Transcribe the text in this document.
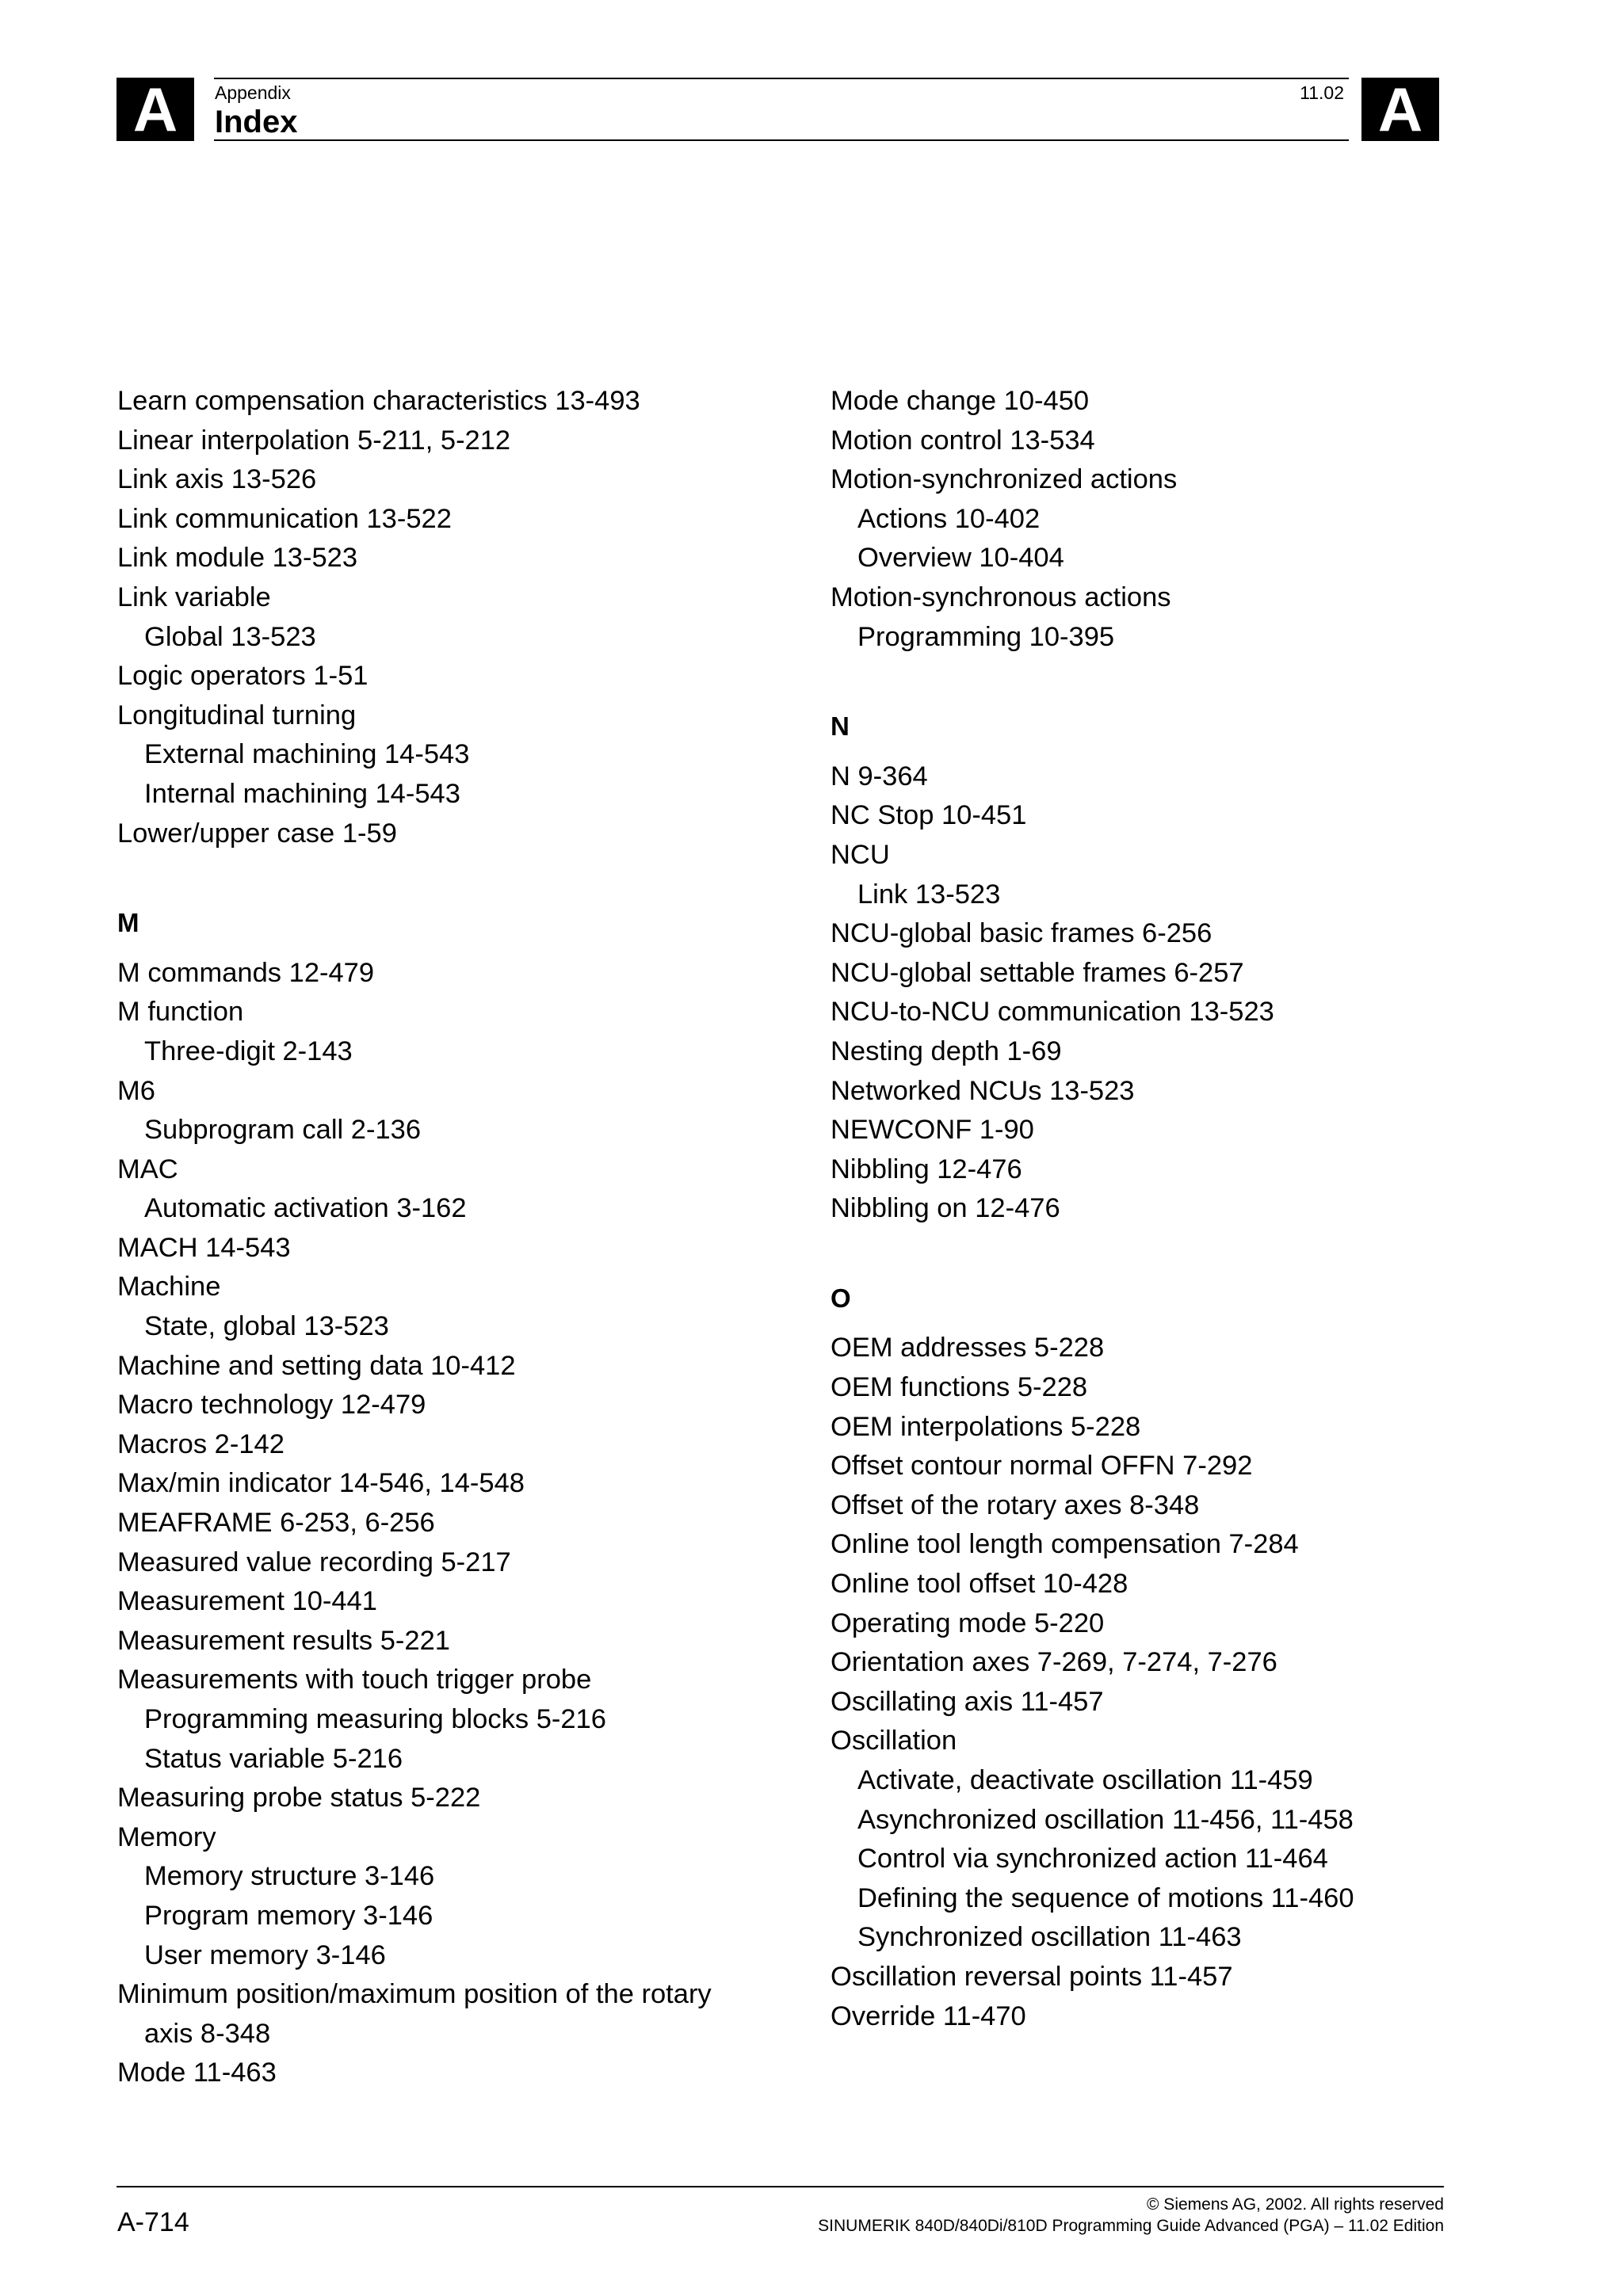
A	A
Appendix	11.02
Index
Learn compensation characteristics 13-493
Linear interpolation 5-211, 5-212
Link axis 13-526
Link communication 13-522
Link module 13-523
Link variable
Global 13-523
Logic operators 1-51
Longitudinal turning
External machining 14-543
Internal machining 14-543
Lower/upper case 1-59
M
M commands 12-479
M function
Three-digit 2-143
M6
Subprogram call 2-136
MAC
Automatic activation 3-162
MACH 14-543
Machine
State, global 13-523
Machine and setting data 10-412
Macro technology 12-479
Macros 2-142
Max/min indicator 14-546, 14-548
MEAFRAME 6-253, 6-256
Measured value recording 5-217
Measurement 10-441
Measurement results 5-221
Measurements with touch trigger probe
Programming measuring blocks 5-216
Status variable 5-216
Measuring probe status 5-222
Memory
Memory structure 3-146
Program memory 3-146
User memory 3-146
Minimum position/maximum position of the rotary
axis 8-348
Mode 11-463
Mode change 10-450
Motion control 13-534
Motion-synchronized actions
Actions 10-402
Overview 10-404
Motion-synchronous actions
Programming 10-395
N
N 9-364
NC Stop 10-451
NCU
Link 13-523
NCU-global basic frames 6-256
NCU-global settable frames 6-257
NCU-to-NCU communication 13-523
Nesting depth 1-69
Networked NCUs 13-523
NEWCONF 1-90
Nibbling 12-476
Nibbling on 12-476
O
OEM addresses 5-228
OEM functions 5-228
OEM interpolations 5-228
Offset contour normal OFFN 7-292
Offset of the rotary axes 8-348
Online tool length compensation 7-284
Online tool offset 10-428
Operating mode 5-220
Orientation axes 7-269, 7-274, 7-276
Oscillating axis 11-457
Oscillation
Activate, deactivate oscillation 11-459
Asynchronized oscillation 11-456, 11-458
Control via synchronized action 11-464
Defining the sequence of motions 11-460
Synchronized oscillation 11-463
Oscillation reversal points 11-457
Override 11-470
A-714
© Siemens AG, 2002. All rights reserved
SINUMERIK 840D/840Di/810D Programming Guide Advanced (PGA) – 11.02 Edition
